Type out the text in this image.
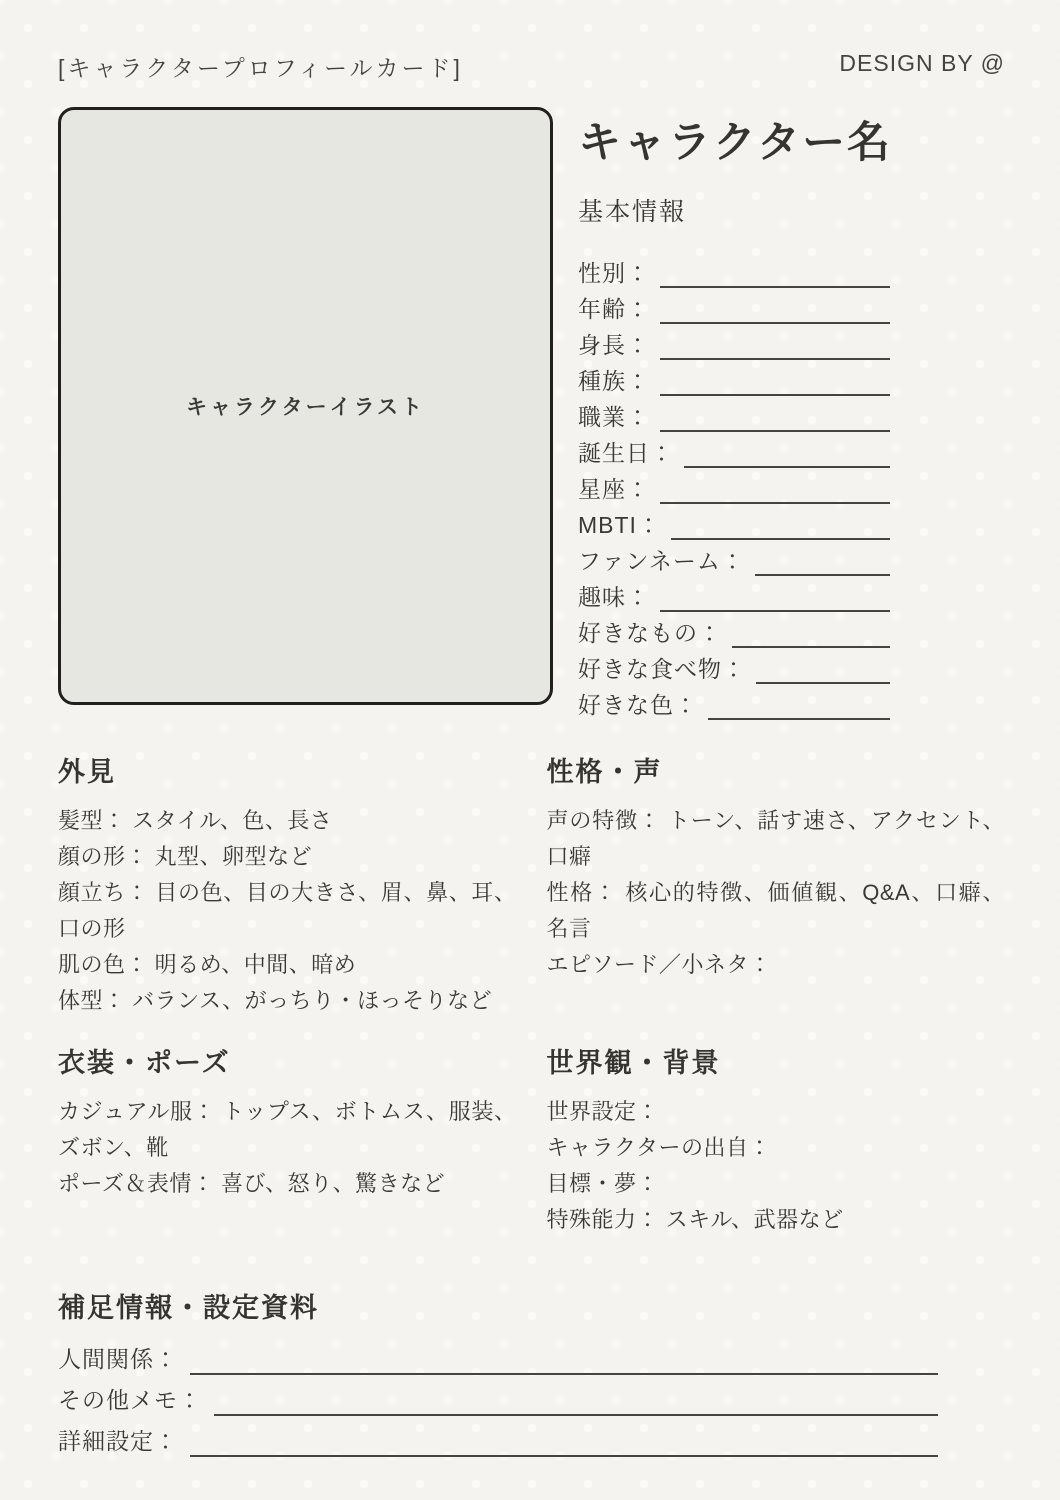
[キャラクタープロフィールカード]	DESIGN BY @
キャラクターイラスト
キャラクター名
基本情報
性別：
年齢：
身長：
種族：
職業：
誕生日：
星座：
MBTI：
ファンネーム：
趣味：
好きなもの：
好きな食べ物：
好きな色：
外見
髪型： スタイル、色、長さ
顔の形： 丸型、卵型など
顔立ち： 目の色、目の大きさ、眉、鼻、耳、口の形
肌の色： 明るめ、中間、暗め
体型： バランス、がっちり・ほっそりなど
性格・声
声の特徴： トーン、話す速さ、アクセント、口癖
性格： 核心的特徴、価値観、Q&A、口癖、名言
エピソード／小ネタ：
衣装・ポーズ
カジュアル服： トップス、ボトムス、服装、ズボン、靴
ポーズ＆表情： 喜び、怒り、驚きなど
世界観・背景
世界設定：
キャラクターの出自：
目標・夢：
特殊能力： スキル、武器など
補足情報・設定資料
人間関係：
その他メモ：
詳細設定：
